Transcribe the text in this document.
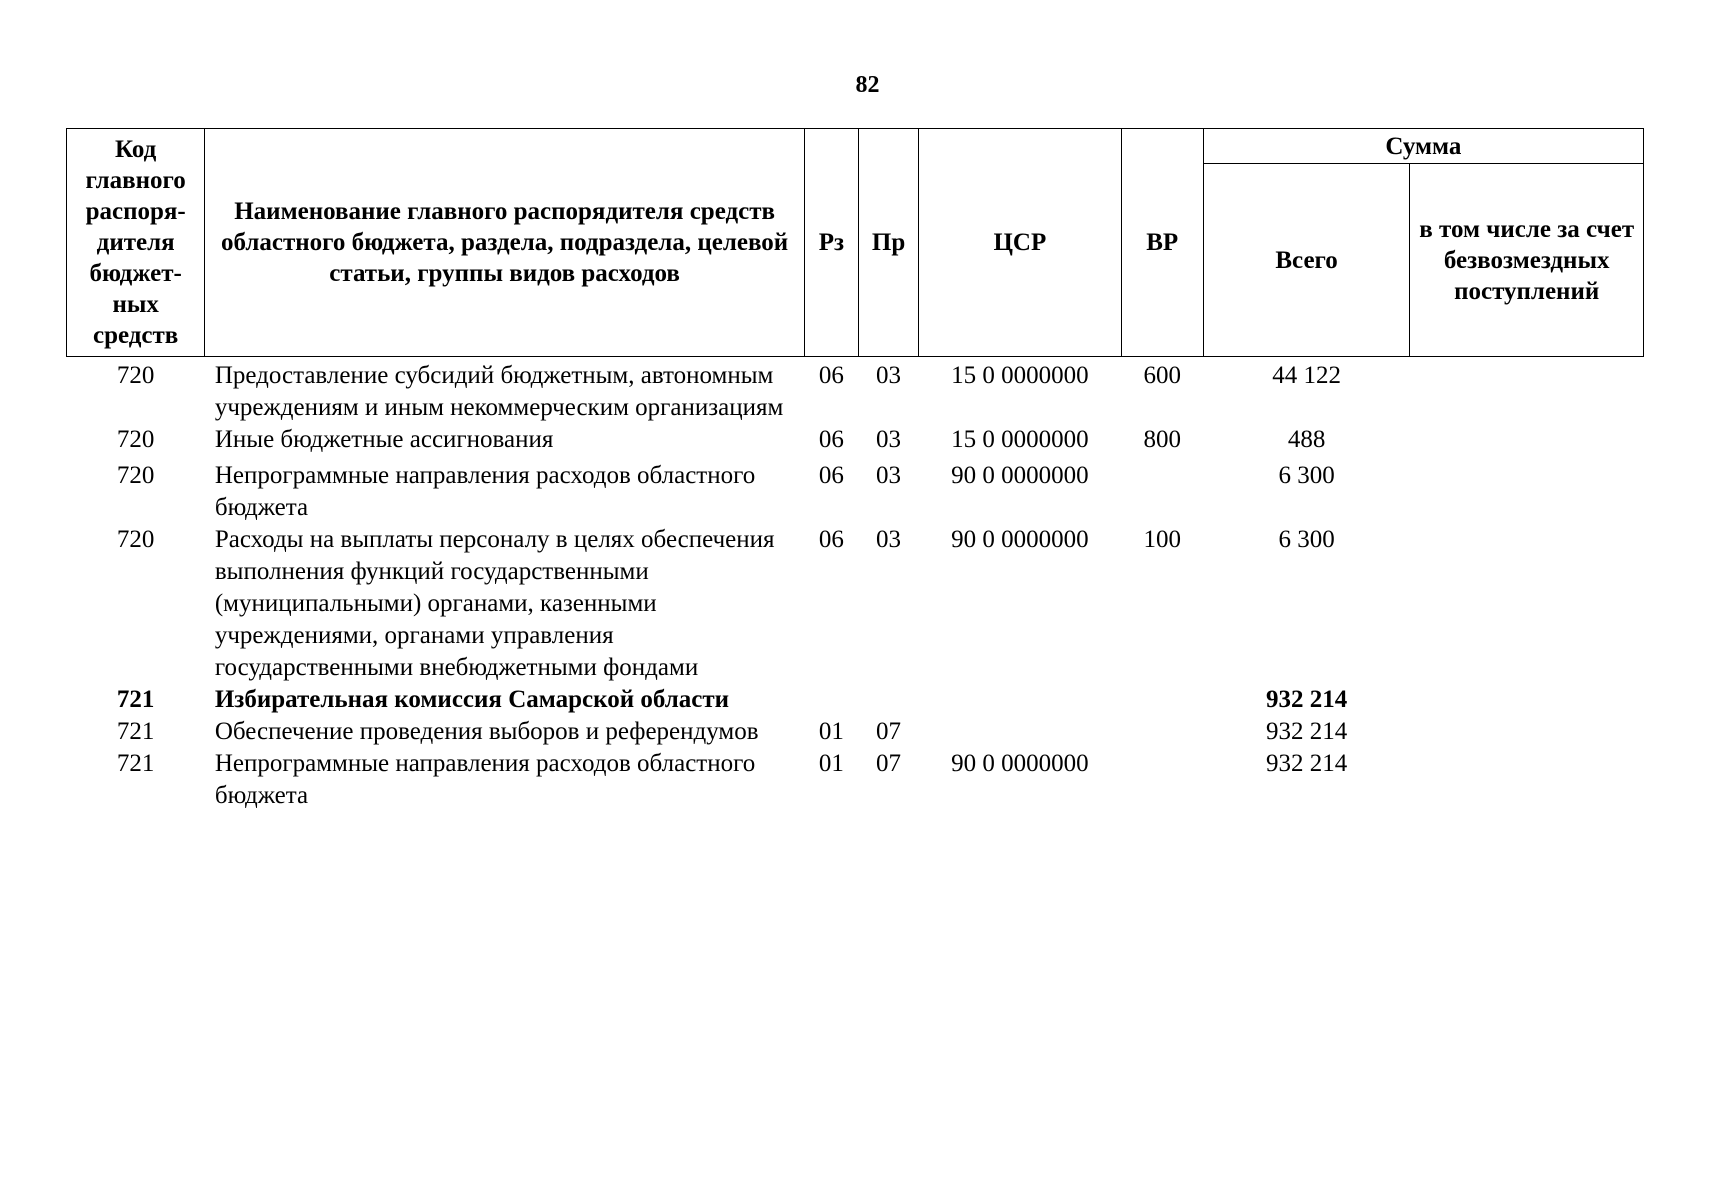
82
Код главного распоря-дителя бюджет-ных средств	Наименование главного распорядителя средств областного бюджета, раздела, подраздела, целевой статьи, группы видов расходов	Рз	Пр	ЦСР	ВР	Сумма	
						Всего	в том числе за счет безвозмездных поступлений
720	Предоставление субсидий бюджетным, автономным учреждениям и иным некоммерческим организациям	06	03	15 0 0000000	600	44 122	
720	Иные бюджетные ассигнования	06	03	15 0 0000000	800	488	
720	Непрограммные направления расходов областного бюджета	06	03	90 0 0000000		6 300	
720	Расходы на выплаты персоналу в целях обеспечения выполнения функций государственными (муниципальными) органами, казенными учреждениями, органами управления государственными внебюджетными фондами	06	03	90 0 0000000	100	6 300	
721	Избирательная комиссия Самарской области					932 214	
721	Обеспечение проведения выборов и референдумов	01	07			932 214	
721	Непрограммные направления расходов областного бюджета	01	07	90 0 0000000		932 214	
